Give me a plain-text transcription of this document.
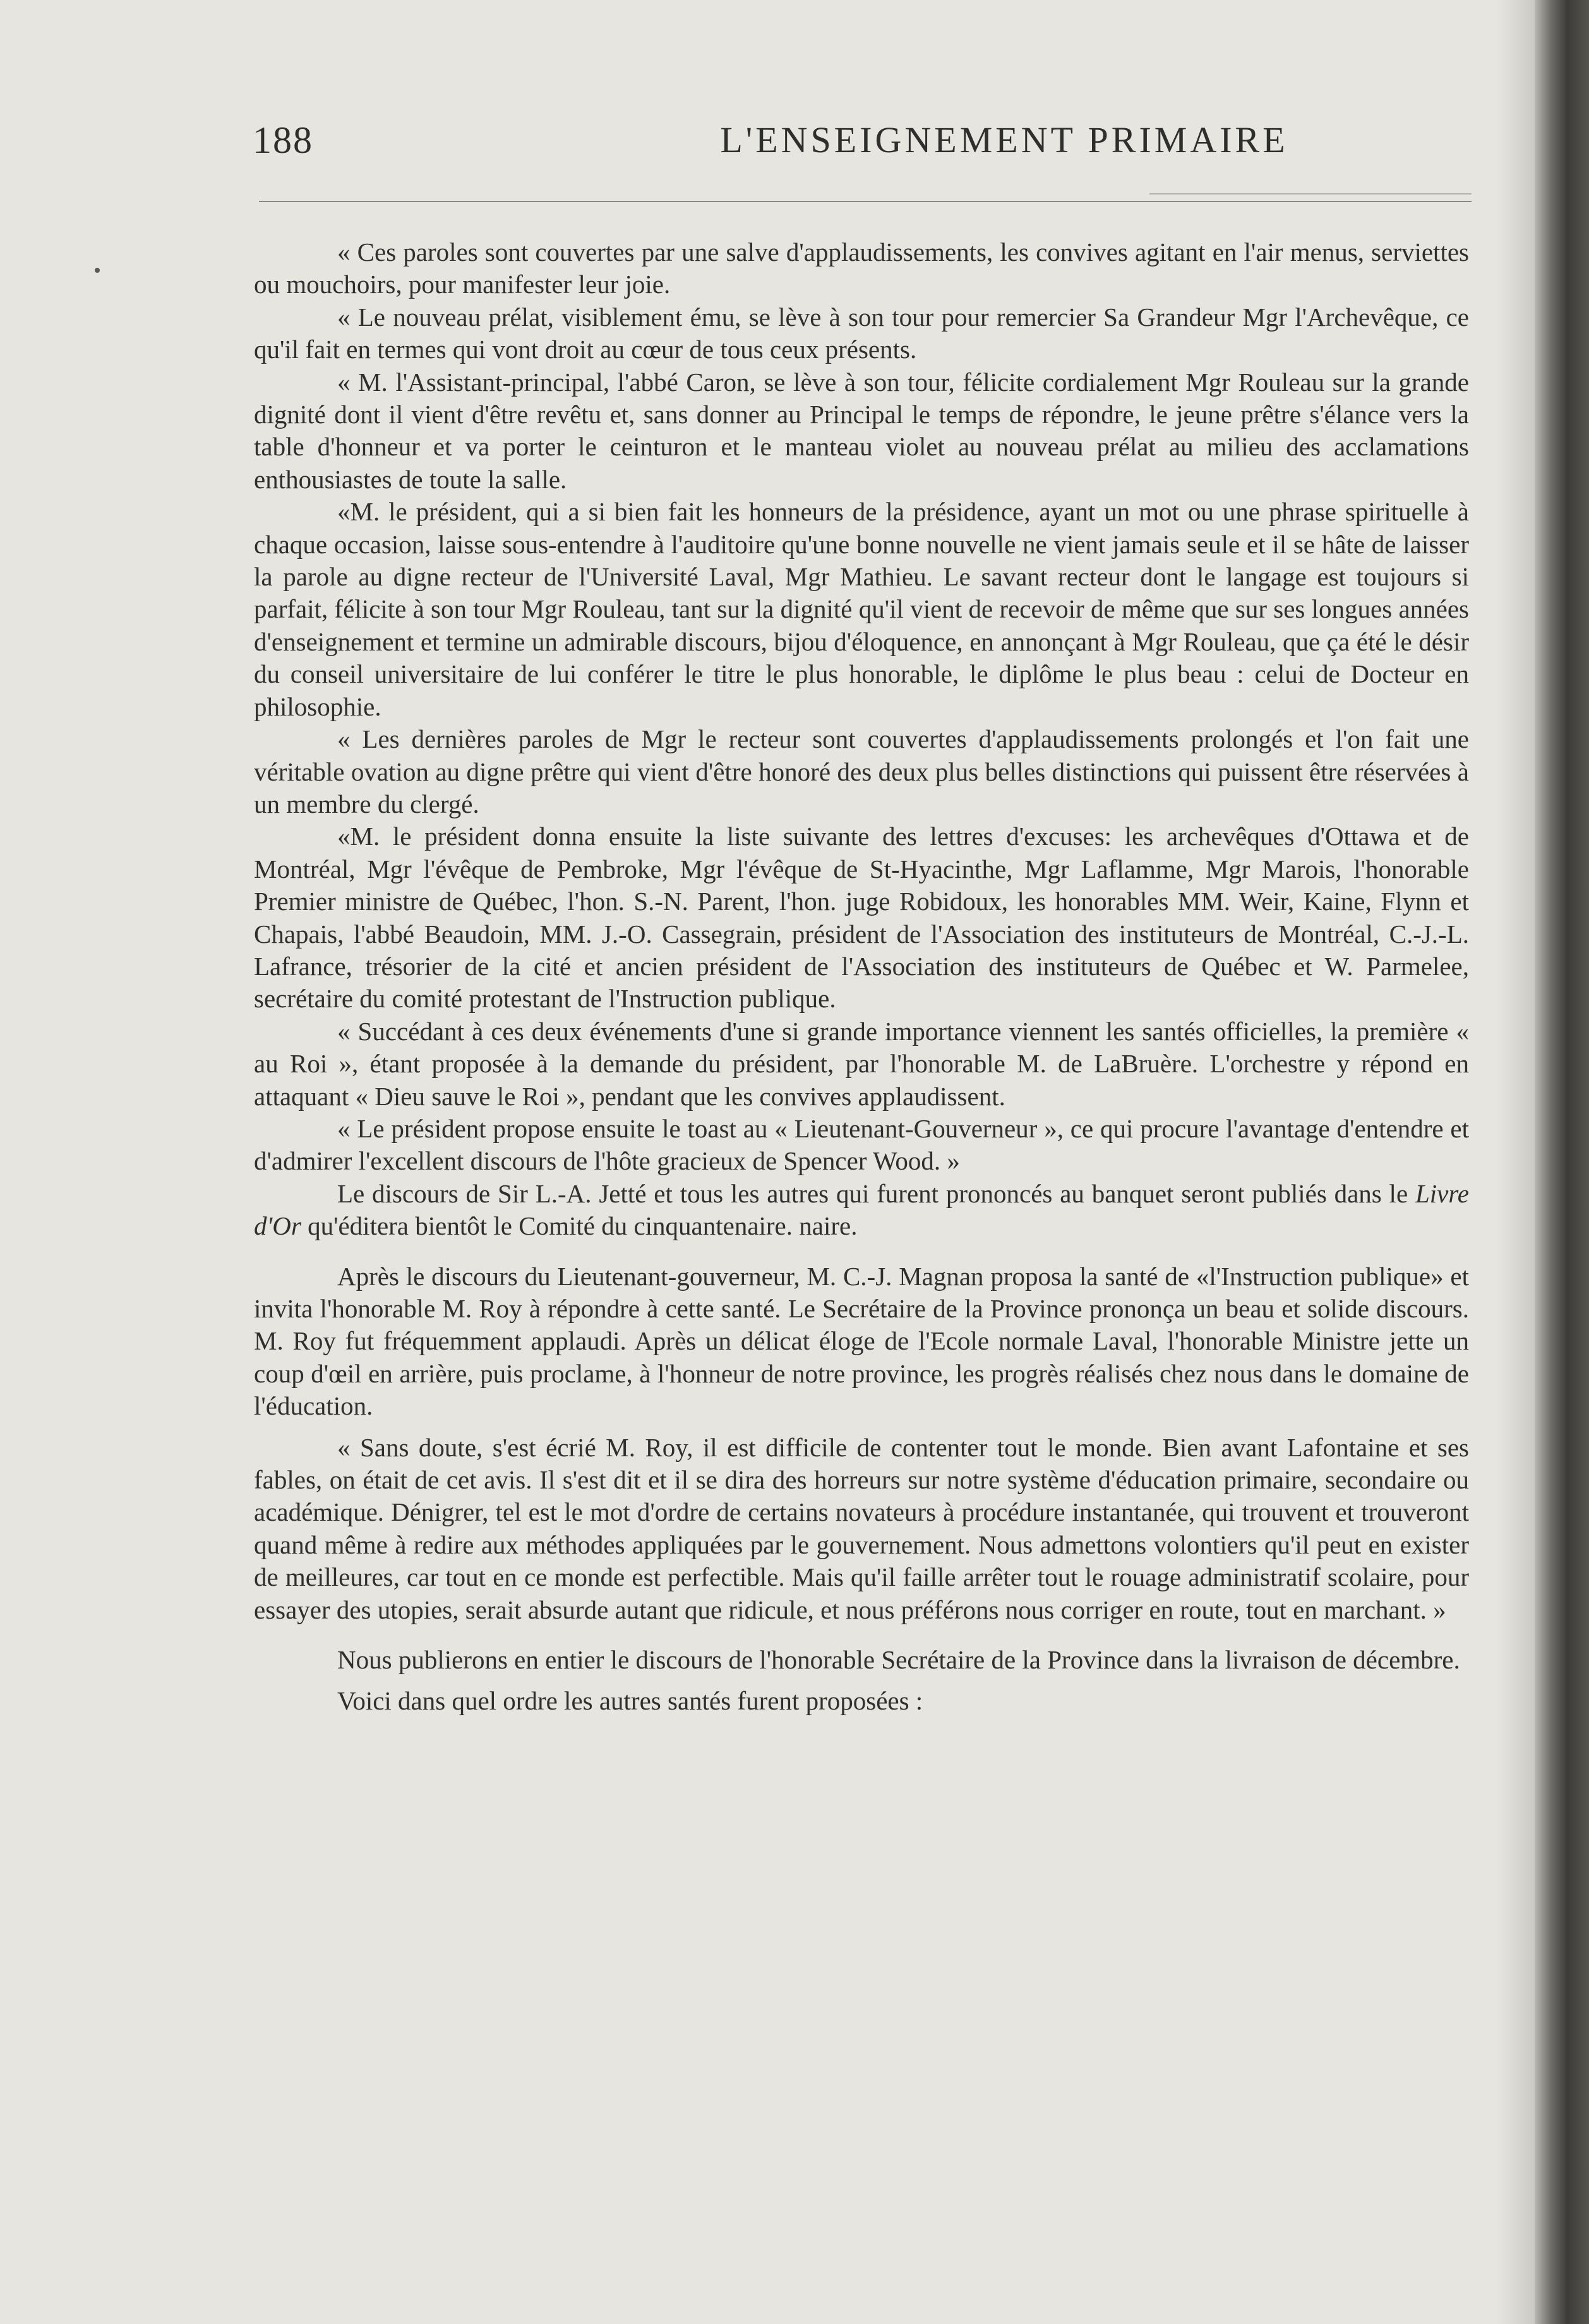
188	L'ENSEIGNEMENT PRIMAIRE

« Ces paroles sont couvertes par une salve d'applaudissements, les convives agitant en l'air menus, serviettes ou mouchoirs, pour manifester leur joie.

« Le nouveau prélat, visiblement ému, se lève à son tour pour remercier Sa Grandeur Mgr l'Archevêque, ce qu'il fait en termes qui vont droit au cœur de tous ceux présents.

« M. l'Assistant-principal, l'abbé Caron, se lève à son tour, félicite cordialement Mgr Rouleau sur la grande dignité dont il vient d'être revêtu et, sans donner au Principal le temps de répondre, le jeune prêtre s'élance vers la table d'honneur et va porter le ceinturon et le manteau violet au nouveau prélat au milieu des acclamations enthousiastes de toute la salle.

«M. le président, qui a si bien fait les honneurs de la présidence, ayant un mot ou une phrase spirituelle à chaque occasion, laisse sous-entendre à l'auditoire qu'une bonne nouvelle ne vient jamais seule et il se hâte de laisser la parole au digne recteur de l'Université Laval, Mgr Mathieu. Le savant recteur dont le langage est toujours si parfait, félicite à son tour Mgr Rouleau, tant sur la dignité qu'il vient de recevoir de même que sur ses longues années d'enseignement et termine un admirable discours, bijou d'éloquence, en annonçant à Mgr Rouleau, que ça été le désir du conseil universitaire de lui conférer le titre le plus honorable, le diplôme le plus beau : celui de Docteur en philosophie.

« Les dernières paroles de Mgr le recteur sont couvertes d'applaudissements prolongés et l'on fait une véritable ovation au digne prêtre qui vient d'être honoré des deux plus belles distinctions qui puissent être réservées à un membre du clergé.

«M. le président donna ensuite la liste suivante des lettres d'excuses: les archevêques d'Ottawa et de Montréal, Mgr l'évêque de Pembroke, Mgr l'évêque de St-Hyacinthe, Mgr Laflamme, Mgr Marois, l'honorable Premier ministre de Québec, l'hon. S.-N. Parent, l'hon. juge Robidoux, les honorables MM. Weir, Kaine, Flynn et Chapais, l'abbé Beaudoin, MM. J.-O. Cassegrain, président de l'Association des instituteurs de Montréal, C.-J.-L. Lafrance, trésorier de la cité et ancien président de l'Association des instituteurs de Québec et W. Parmelee, secrétaire du comité protestant de l'Instruction publique.

« Succédant à ces deux événements d'une si grande importance viennent les santés officielles, la première « au Roi », étant proposée à la demande du président, par l'honorable M. de LaBruère. L'orchestre y répond en attaquant « Dieu sauve le Roi », pendant que les convives applaudissent.

« Le président propose ensuite le toast au « Lieutenant-Gouverneur », ce qui procure l'avantage d'entendre et d'admirer l'excellent discours de l'hôte gracieux de Spencer Wood. »

Le discours de Sir L.-A. Jetté et tous les autres qui furent prononcés au banquet seront publiés dans le Livre d'Or qu'éditera bientôt le Comité du cinquantenaire. naire.

Après le discours du Lieutenant-gouverneur, M. C.-J. Magnan proposa la santé de «l'Instruction publique» et invita l'honorable M. Roy à répondre à cette santé. Le Secrétaire de la Province prononça un beau et solide discours. M. Roy fut fréquemment applaudi. Après un délicat éloge de l'Ecole normale Laval, l'honorable Ministre jette un coup d'œil en arrière, puis proclame, à l'honneur de notre province, les progrès réalisés chez nous dans le domaine de l'éducation.

« Sans doute, s'est écrié M. Roy, il est difficile de contenter tout le monde. Bien avant Lafontaine et ses fables, on était de cet avis. Il s'est dit et il se dira des horreurs sur notre système d'éducation primaire, secondaire ou académique. Dénigrer, tel est le mot d'ordre de certains novateurs à procédure instantanée, qui trouvent et trouveront quand même à redire aux méthodes appliquées par le gouvernement. Nous admettons volontiers qu'il peut en exister de meilleures, car tout en ce monde est perfectible. Mais qu'il faille arrêter tout le rouage administratif scolaire, pour essayer des utopies, serait absurde autant que ridicule, et nous préférons nous corriger en route, tout en marchant. »

Nous publierons en entier le discours de l'honorable Secrétaire de la Province dans la livraison de décembre.

Voici dans quel ordre les autres santés furent proposées :
